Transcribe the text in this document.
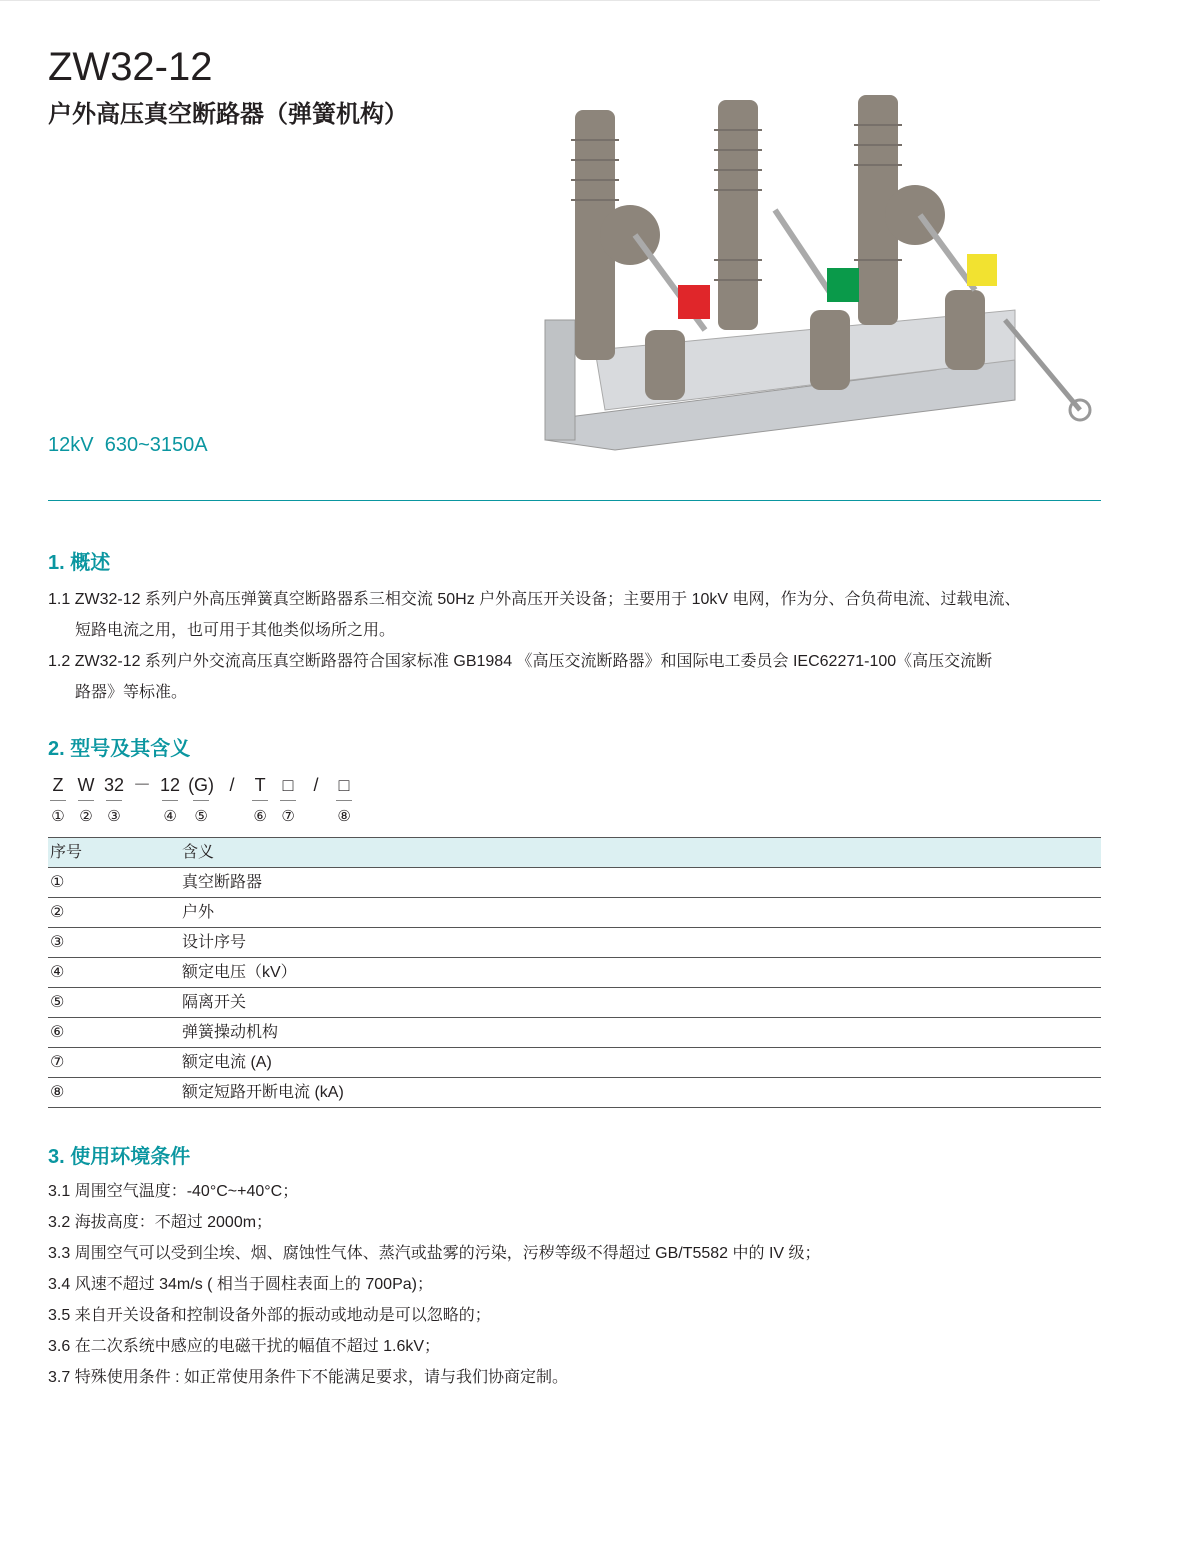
ZW32-12
户外高压真空断路器（弹簧机构）
12kV  630~3150A
1. 概述

1.1 ZW32-12 系列户外高压弹簧真空断路器系三相交流 50Hz 户外高压开关设备；主要用于 10kV 电网，作为分、合负荷电流、过载电流、

短路电流之用，也可用于其他类似场所之用。

1.2 ZW32-12 系列户外交流高压真空断路器符合国家标准 GB1984 《高压交流断路器》和国际电工委员会 IEC62271-100《高压交流断

路器》等标准。

2. 型号及其含义
Z
①
W
②
32
③
－ 12
④
(G)
⑤
/ T
⑥
□
⑦
/ □
⑧
序号	含义
①	真空断路器
②	户外
③	设计序号
④	额定电压（kV）
⑤	隔离开关
⑥	弹簧操动机构
⑦	额定电流 (A)
⑧	额定短路开断电流 (kA)
3. 使用环境条件

3.1 周围空气温度：-40°C~+40°C；

3.2 海拔高度：不超过 2000m；

3.3 周围空气可以受到尘埃、烟、腐蚀性气体、蒸汽或盐雾的污染，污秽等级不得超过 GB/T5582 中的 IV 级；

3.4 风速不超过 34m/s ( 相当于圆柱表面上的 700Pa)；

3.5 来自开关设备和控制设备外部的振动或地动是可以忽略的；

3.6 在二次系统中感应的电磁干扰的幅值不超过 1.6kV；

3.7 特殊使用条件 : 如正常使用条件下不能满足要求，请与我们协商定制。
